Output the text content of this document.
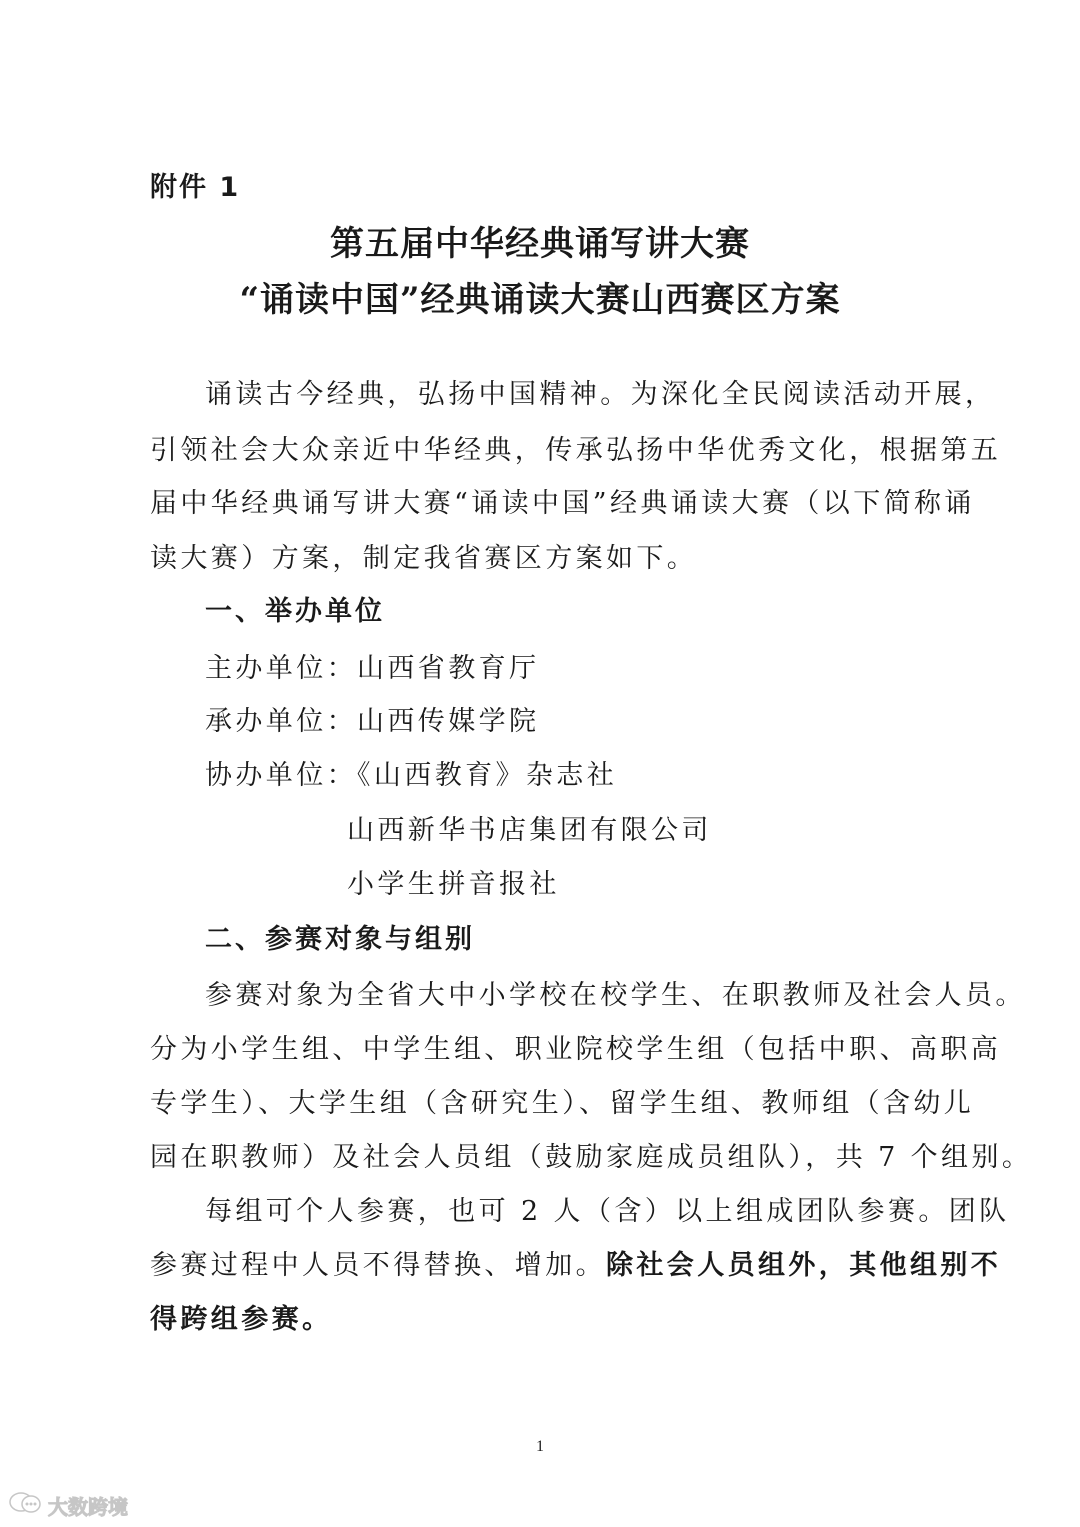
附件 1
第五届中华经典诵写讲大赛
“诵读中国”经典诵读大赛山西赛区方案
诵读古今经典，弘扬中国精神。为深化全民阅读活动开展，
引领社会大众亲近中华经典，传承弘扬中华优秀文化，根据第五
届中华经典诵写讲大赛“诵读中国”经典诵读大赛（以下简称诵
读大赛）方案，制定我省赛区方案如下。
一、举办单位
主办单位：山西省教育厅
承办单位：山西传媒学院
协办单位：《山西教育》杂志社
山西新华书店集团有限公司
小学生拼音报社
二、参赛对象与组别
参赛对象为全省大中小学校在校学生、在职教师及社会人员。
分为小学生组、中学生组、职业院校学生组（包括中职、高职高
专学生）、大学生组（含研究生）、留学生组、教师组（含幼儿
园在职教师）及社会人员组（鼓励家庭成员组队），共 7 个组别。
每组可个人参赛，也可 2 人（含）以上组成团队参赛。团队
参赛过程中人员不得替换、增加。除社会人员组外，其他组别不
得跨组参赛。
1
大数跨境
